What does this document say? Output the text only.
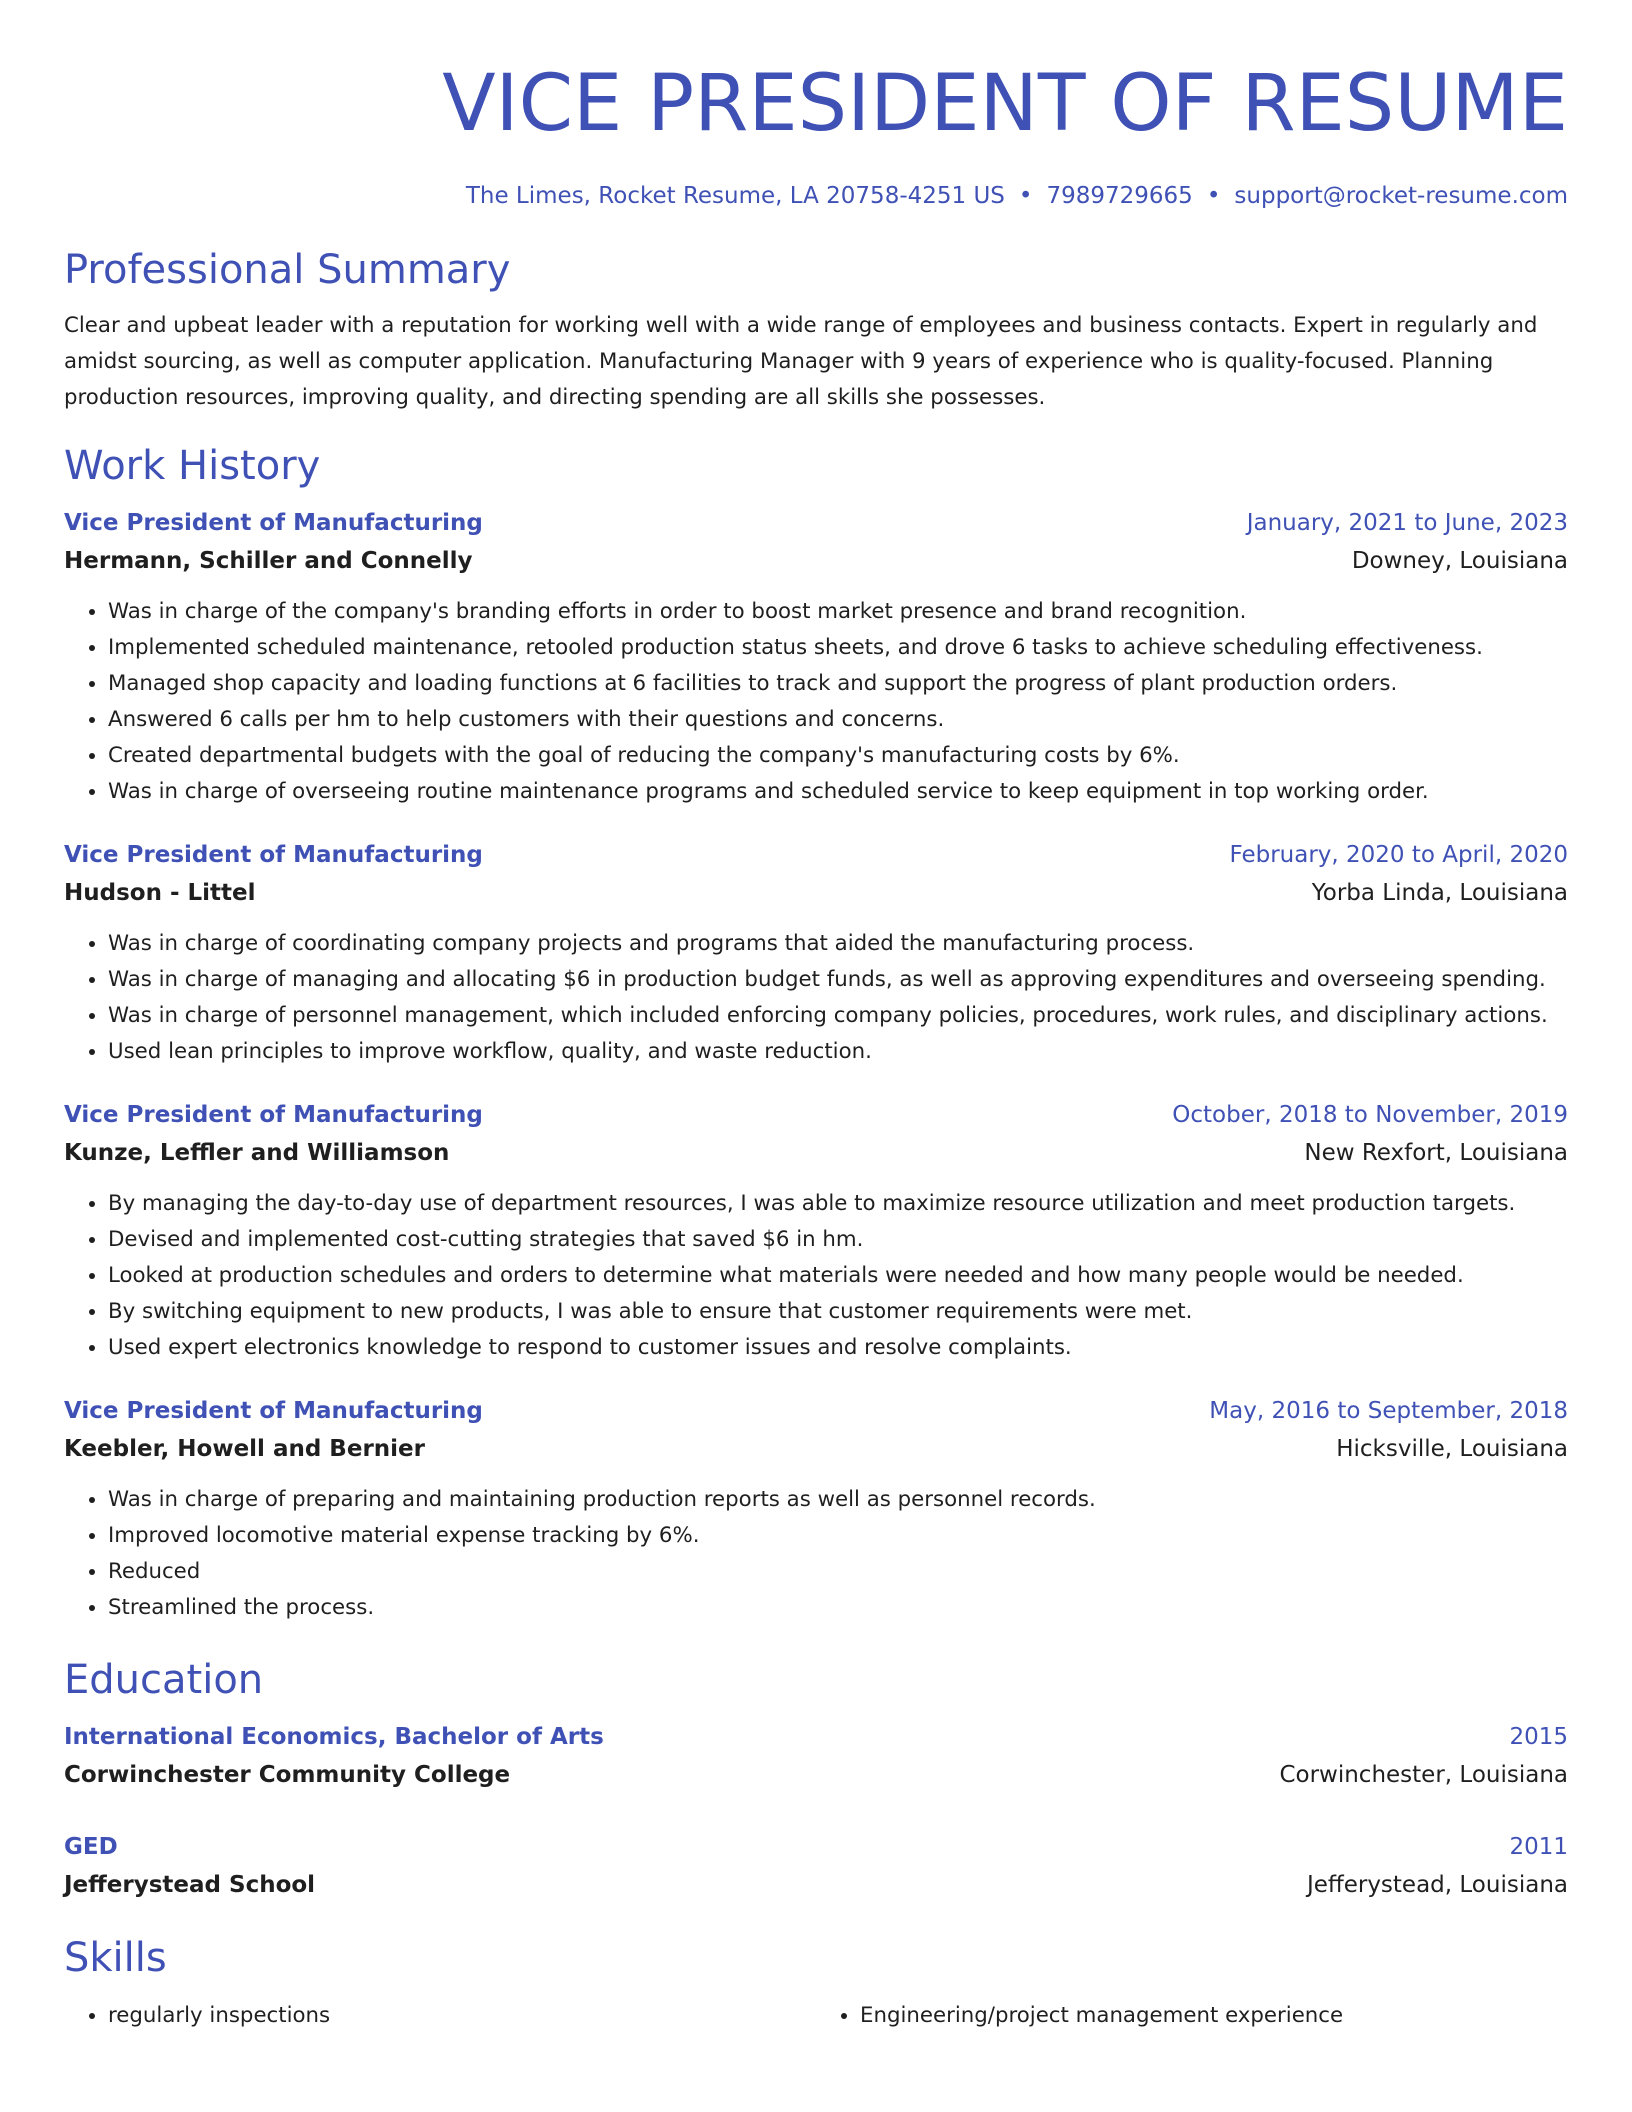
VICE PRESIDENT OF RESUME
The Limes, Rocket Resume, LA 20758-4251 US • 7989729665 • support@rocket-resume.com
Professional Summary

Clear and upbeat leader with a reputation for working well with a wide range of employees and business contacts. Expert in regularly and amidst sourcing, as well as computer application. Manufacturing Manager with 9 years of experience who is quality-focused. Planning production resources, improving quality, and directing spending are all skills she possesses.

Work History
Vice President of Manufacturing	January, 2021 to June, 2023
Hermann, Schiller and Connelly	Downey, Louisiana
• Was in charge of the company's branding efforts in order to boost market presence and brand recognition.
• Implemented scheduled maintenance, retooled production status sheets, and drove 6 tasks to achieve scheduling effectiveness.
• Managed shop capacity and loading functions at 6 facilities to track and support the progress of plant production orders.
• Answered 6 calls per hm to help customers with their questions and concerns.
• Created departmental budgets with the goal of reducing the company's manufacturing costs by 6%.
• Was in charge of overseeing routine maintenance programs and scheduled service to keep equipment in top working order.
Vice President of Manufacturing	February, 2020 to April, 2020
Hudson - Littel	Yorba Linda, Louisiana
• Was in charge of coordinating company projects and programs that aided the manufacturing process.
• Was in charge of managing and allocating $6 in production budget funds, as well as approving expenditures and overseeing spending.
• Was in charge of personnel management, which included enforcing company policies, procedures, work rules, and disciplinary actions.
• Used lean principles to improve workflow, quality, and waste reduction.
Vice President of Manufacturing	October, 2018 to November, 2019
Kunze, Leffler and Williamson	New Rexfort, Louisiana
• By managing the day-to-day use of department resources, I was able to maximize resource utilization and meet production targets.
• Devised and implemented cost-cutting strategies that saved $6 in hm.
• Looked at production schedules and orders to determine what materials were needed and how many people would be needed.
• By switching equipment to new products, I was able to ensure that customer requirements were met.
• Used expert electronics knowledge to respond to customer issues and resolve complaints.
Vice President of Manufacturing	May, 2016 to September, 2018
Keebler, Howell and Bernier	Hicksville, Louisiana
• Was in charge of preparing and maintaining production reports as well as personnel records.
• Improved locomotive material expense tracking by 6%.
• Reduced
• Streamlined the process.
Education
International Economics, Bachelor of Arts	2015
Corwinchester Community College	Corwinchester, Louisiana
GED	2011
Jefferystead School	Jefferystead, Louisiana
Skills
• regularly inspections
•	Engineering/project management experience
